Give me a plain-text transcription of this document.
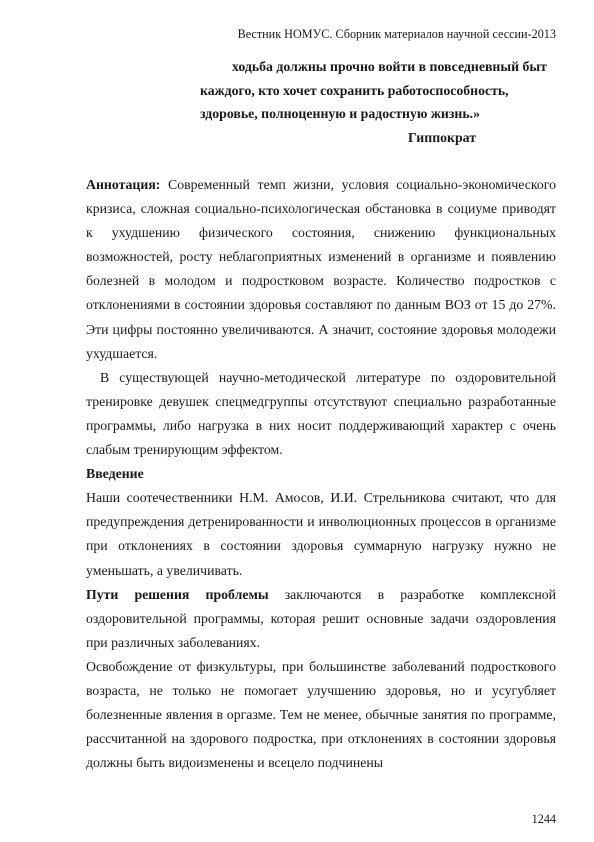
Вестник НОМУС. Сборник материалов научной сессии-2013
ходьба должны прочно войти в повседневный быт
каждого, кто хочет сохранить работоспособность,
здоровье, полноценную и радостную жизнь.»
Гиппократ

Аннотация: Современный темп жизни, условия социально-экономического кризиса, сложная социально-психологическая обстановка в социуме приводят к ухудшению физического состояния, снижению функциональных возможностей, росту неблагоприятных изменений в организме и появлению болезней в молодом и подростковом возрасте. Количество подростков с отклонениями в состоянии здоровья составляют по данным ВОЗ от 15 до 27%. Эти цифры постоянно увеличиваются. А значит, состояние здоровья молодежи ухудшается.

В существующей научно-методической литературе по оздоровительной тренировке девушек спецмедгруппы отсутствуют специально разработанные программы, либо нагрузка в них носит поддерживающий характер с очень слабым тренирующим эффектом.

Введение

Наши соотечественники Н.М. Амосов, И.И. Стрельникова считают, что для предупреждения детренированности и инволюционных процессов в организме при отклонениях в состоянии здоровья суммарную нагрузку нужно не уменьшать, а увеличивать.

Пути решения проблемы заключаются в разработке комплексной оздоровительной программы, которая решит основные задачи оздоровления при различных заболеваниях.

Освобождение от физкультуры, при большинстве заболеваний подросткового возраста, не только не помогает улучшению здоровья, но и усугубляет болезненные явления в оргазме. Тем не менее, обычные занятия по программе, рассчитанной на здорового подростка, при отклонениях в состоянии здоровья должны быть видоизменены и всецело подчинены

1244
